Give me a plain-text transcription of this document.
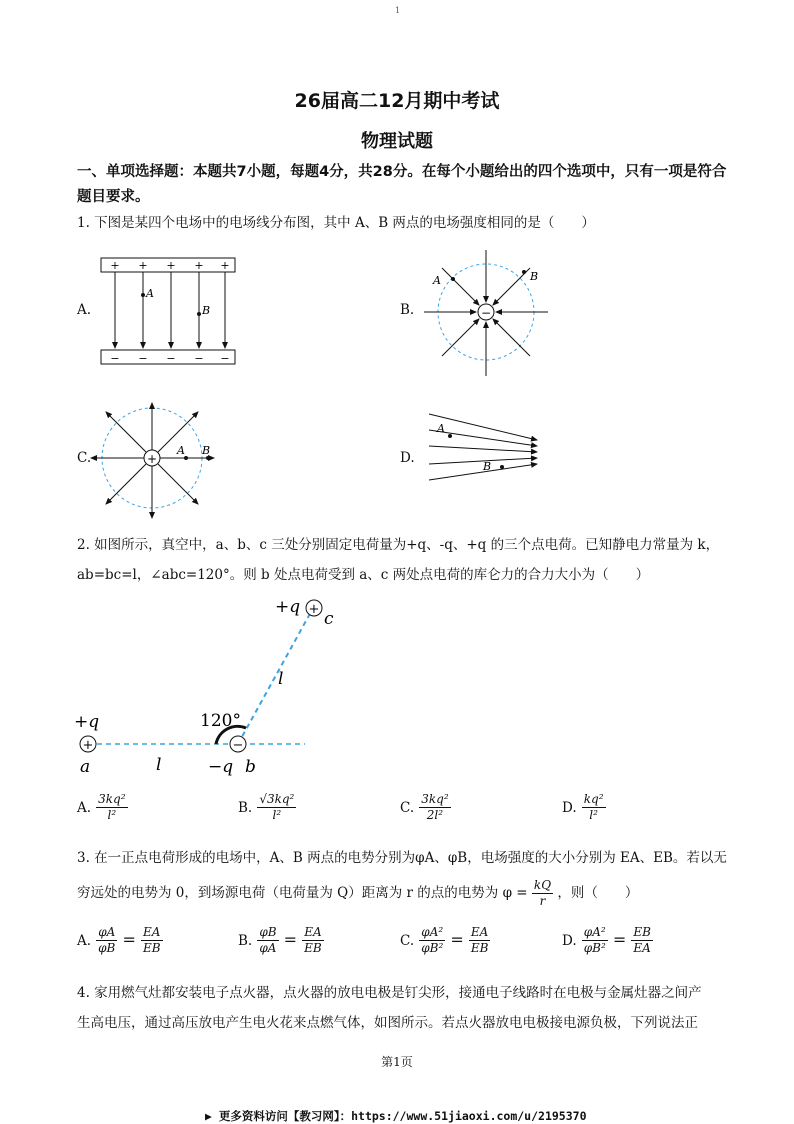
1
26届高二12月期中考试
物理试题
一、单项选择题：本题共7小题，每题4分，共28分。在每个小题给出的四个选项中，只有一项是符合题目要求。
1. 下图是某四个电场中的电场线分布图，其中 A、B 两点的电场强度相同的是（　　）
A.
+ + + + +
− − − − −
A
B	B.	−
A	B
C.	+
A B	D.
A
B
2. 如图所示，真空中，a、b、c 三处分别固定电荷量为+q、-q、+q 的三个点电荷。已知静电力常量为 k，
ab=bc=l，∠abc=120°。则 b 处点电荷受到 a、c 两处点电荷的库仑力的合力大小为（　　）
+	−
+
+q
c
+q
a	−q b
120°
l
l
A. $\frac{\text{3kq²}}{\text{l²}}$	B. $\frac{\text{√3kq²}}{\text{l²}}$	C. $\frac{\text{3kq²}}{\text{2l²}}$	D. $\frac{\text{kq²}}{\text{l²}}$
3. 在一正点电荷形成的电场中，A、B 两点的电势分别为φA、φB，电场强度的大小分别为 EA、EB。若以无
穷远处的电势为 0，到场源电荷（电荷量为 Q）距离为 r 的点的电势为 $\varphi = \frac{kQ}{r}$ ，则（　　）
A. $\frac{\varphi A}{\varphi B} = \frac{EA}{EB}$	B. $\frac{\varphi B}{\varphi A} = \frac{EA}{EB}$	C. $\frac{\text{φA²}}{\text{φB²}} = \frac{EA}{EB}$	D. $\frac{\text{φA²}}{\text{φB²}} = \frac{EB}{EA}$
4. 家用燃气灶都安装电子点火器，点火器的放电电极是钉尖形，接通电子线路时在电极与金属灶器之间产
生高电压，通过高压放电产生电火花来点燃气体，如图所示。若点火器放电电极接电源负极，下列说法正
第1页
▶ 更多资料访问【教习网】：https://www.51jiaoxi.com/u/2195370
